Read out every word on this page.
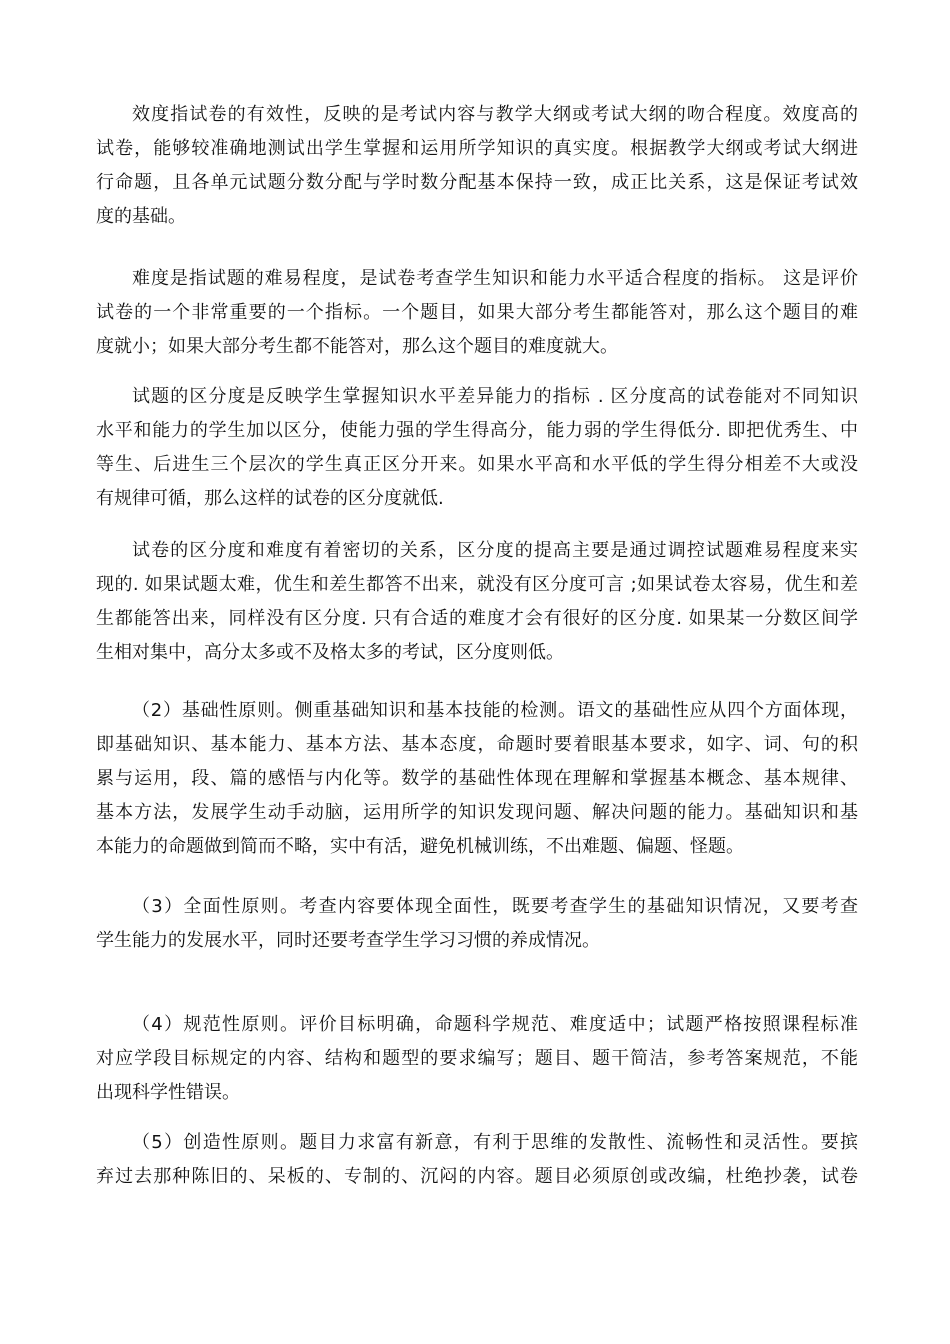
效度指试卷的有效性，反映的是考试内容与教学大纲或考试大纲的吻合程度。效度高的
试卷，能够较准确地测试出学生掌握和运用所学知识的真实度。根据教学大纲或考试大纲进
行命题，且各单元试题分数分配与学时数分配基本保持一致，成正比关系，这是保证考试效
度的基础。

难度是指试题的难易程度，是试卷考查学生知识和能力水平适合程度的指标。 这是评价
试卷的一个非常重要的一个指标。一个题目，如果大部分考生都能答对，那么这个题目的难
度就小；如果大部分考生都不能答对，那么这个题目的难度就大。

试题的区分度是反映学生掌握知识水平差异能力的指标 . 区分度高的试卷能对不同知识
水平和能力的学生加以区分，使能力强的学生得高分，能力弱的学生得低分. 即把优秀生、中
等生、后进生三个层次的学生真正区分开来。如果水平高和水平低的学生得分相差不大或没
有规律可循，那么这样的试卷的区分度就低.

试卷的区分度和难度有着密切的关系，区分度的提高主要是通过调控试题难易程度来实
现的. 如果试题太难，优生和差生都答不出来，就没有区分度可言 ;如果试卷太容易，优生和差
生都能答出来，同样没有区分度. 只有合适的难度才会有很好的区分度. 如果某一分数区间学
生相对集中，高分太多或不及格太多的考试，区分度则低。

（2）基础性原则。侧重基础知识和基本技能的检测。语文的基础性应从四个方面体现，
即基础知识、基本能力、基本方法、基本态度，命题时要着眼基本要求，如字、词、句的积
累与运用，段、篇的感悟与内化等。数学的基础性体现在理解和掌握基本概念、基本规律、
基本方法，发展学生动手动脑，运用所学的知识发现问题、解决问题的能力。基础知识和基
本能力的命题做到简而不略，实中有活，避免机械训练，不出难题、偏题、怪题。

（3）全面性原则。考查内容要体现全面性，既要考查学生的基础知识情况，又要考查
学生能力的发展水平，同时还要考查学生学习习惯的养成情况。

（4）规范性原则。评价目标明确，命题科学规范、难度适中；试题严格按照课程标准
对应学段目标规定的内容、结构和题型的要求编写；题目、题干简洁，参考答案规范，不能
出现科学性错误。

（5）创造性原则。题目力求富有新意，有利于思维的发散性、流畅性和灵活性。要摈
弃过去那种陈旧的、呆板的、专制的、沉闷的内容。题目必须原创或改编，杜绝抄袭，试卷
